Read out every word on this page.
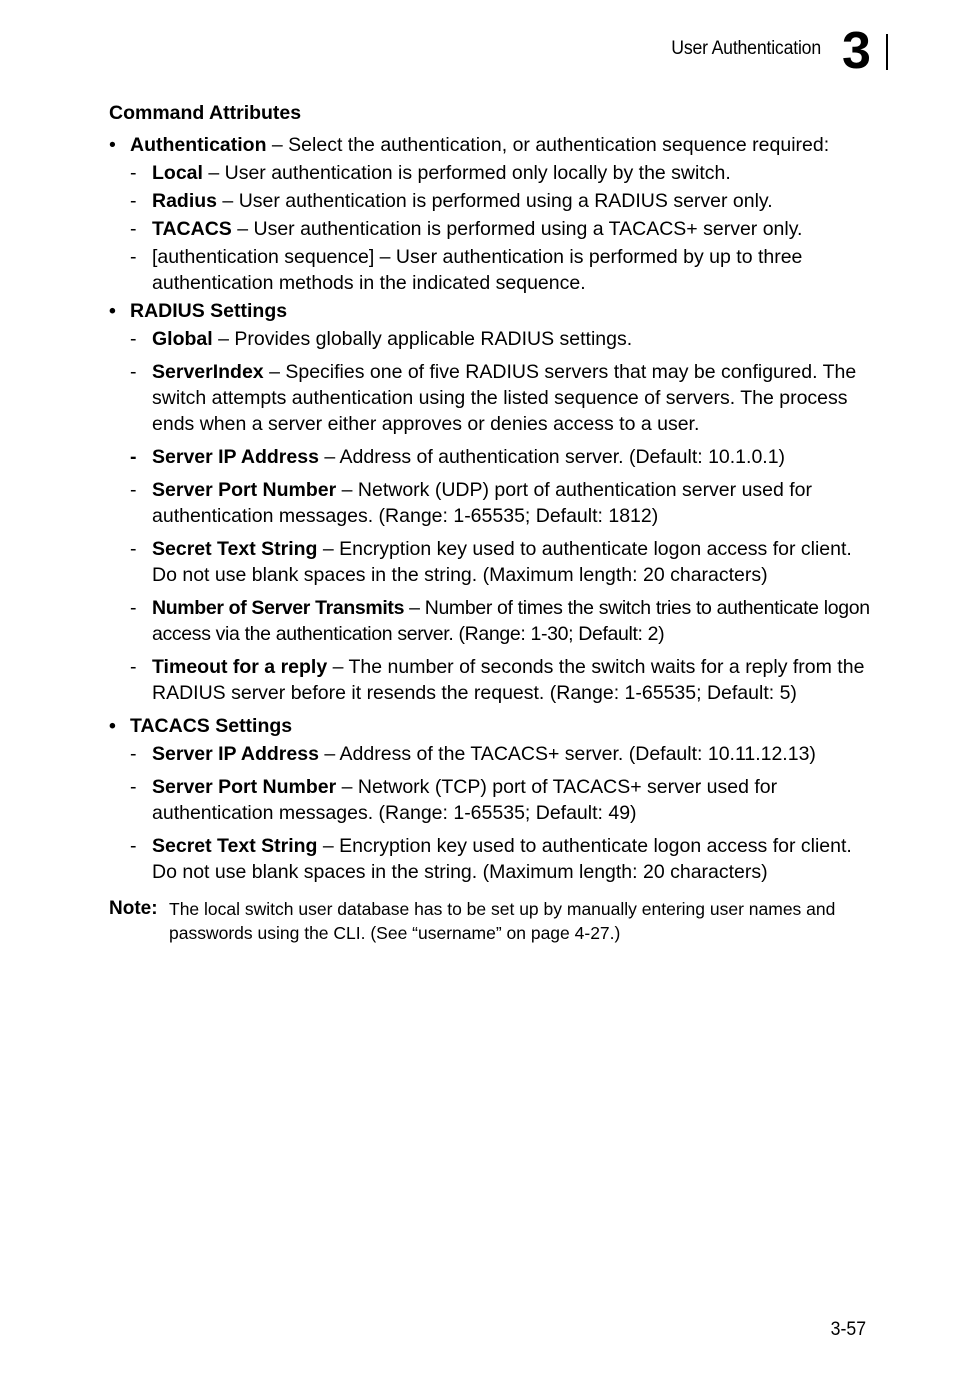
User Authentication 3
Command Attributes
• Authentication – Select the authentication, or authentication sequence required:
- Local – User authentication is performed only locally by the switch.
- Radius – User authentication is performed using a RADIUS server only.
- TACACS – User authentication is performed using a TACACS+ server only.
- [authentication sequence] – User authentication is performed by up to three authentication methods in the indicated sequence.
• RADIUS Settings
- Global – Provides globally applicable RADIUS settings.
- ServerIndex – Specifies one of five RADIUS servers that may be configured. The switch attempts authentication using the listed sequence of servers. The process ends when a server either approves or denies access to a user.
- Server IP Address – Address of authentication server. (Default: 10.1.0.1)
- Server Port Number – Network (UDP) port of authentication server used for authentication messages. (Range: 1-65535; Default: 1812)
- Secret Text String – Encryption key used to authenticate logon access for client. Do not use blank spaces in the string. (Maximum length: 20 characters)
- Number of Server Transmits – Number of times the switch tries to authenticate logon access via the authentication server. (Range: 1-30; Default: 2)
- Timeout for a reply – The number of seconds the switch waits for a reply from the RADIUS server before it resends the request. (Range: 1-65535; Default: 5)
• TACACS Settings
- Server IP Address – Address of the TACACS+ server. (Default: 10.11.12.13)
- Server Port Number – Network (TCP) port of TACACS+ server used for authentication messages. (Range: 1-65535; Default: 49)
- Secret Text String – Encryption key used to authenticate logon access for client. Do not use blank spaces in the string. (Maximum length: 20 characters)
Note: The local switch user database has to be set up by manually entering user names and passwords using the CLI. (See “username” on page 4-27.)
3-57
